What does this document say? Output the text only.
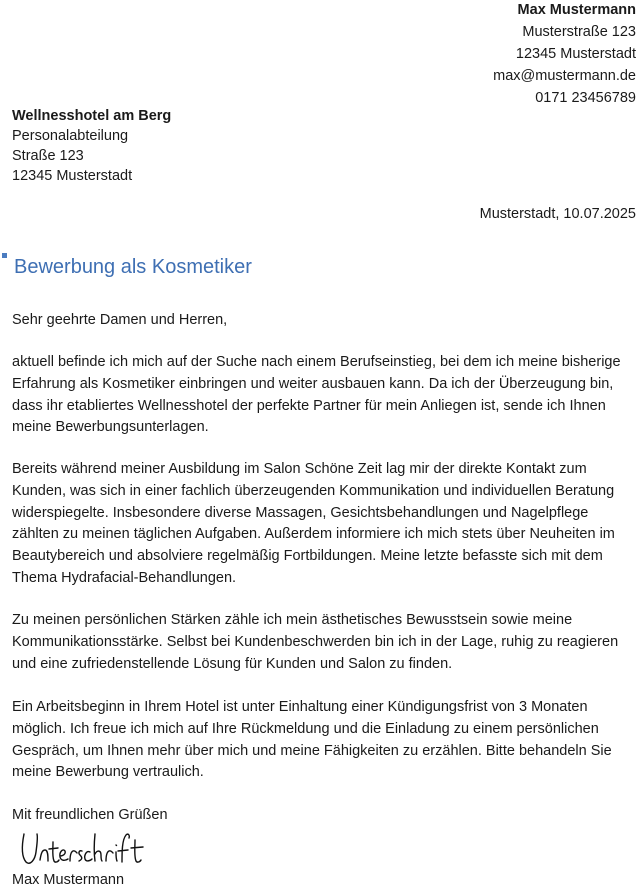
Max Mustermann
Musterstraße 123
12345 Musterstadt
max@mustermann.de
0171 23456789
Wellnesshotel am Berg
Personalabteilung
Straße 123
12345 Musterstadt
Musterstadt, 10.07.2025
Bewerbung als Kosmetiker
Sehr geehrte Damen und Herren,
aktuell befinde ich mich auf der Suche nach einem Berufseinstieg, bei dem ich meine bisherige
Erfahrung als Kosmetiker einbringen und weiter ausbauen kann. Da ich der Überzeugung bin,
dass ihr etabliertes Wellnesshotel der perfekte Partner für mein Anliegen ist, sende ich Ihnen
meine Bewerbungsunterlagen.
Bereits während meiner Ausbildung im Salon Schöne Zeit lag mir der direkte Kontakt zum
Kunden, was sich in einer fachlich überzeugenden Kommunikation und individuellen Beratung
widerspiegelte. Insbesondere diverse Massagen, Gesichtsbehandlungen und Nagelpflege
zählten zu meinen täglichen Aufgaben. Außerdem informiere ich mich stets über Neuheiten im
Beautybereich und absolviere regelmäßig Fortbildungen. Meine letzte befasste sich mit dem
Thema Hydrafacial-Behandlungen.
Zu meinen persönlichen Stärken zähle ich mein ästhetisches Bewusstsein sowie meine
Kommunikationsstärke. Selbst bei Kundenbeschwerden bin ich in der Lage, ruhig zu reagieren
und eine zufriedenstellende Lösung für Kunden und Salon zu finden.
Ein Arbeitsbeginn in Ihrem Hotel ist unter Einhaltung einer Kündigungsfrist von 3 Monaten
möglich. Ich freue ich mich auf Ihre Rückmeldung und die Einladung zu einem persönlichen
Gespräch, um Ihnen mehr über mich und meine Fähigkeiten zu erzählen. Bitte behandeln Sie
meine Bewerbung vertraulich.
Mit freundlichen Grüßen
Max Mustermann
